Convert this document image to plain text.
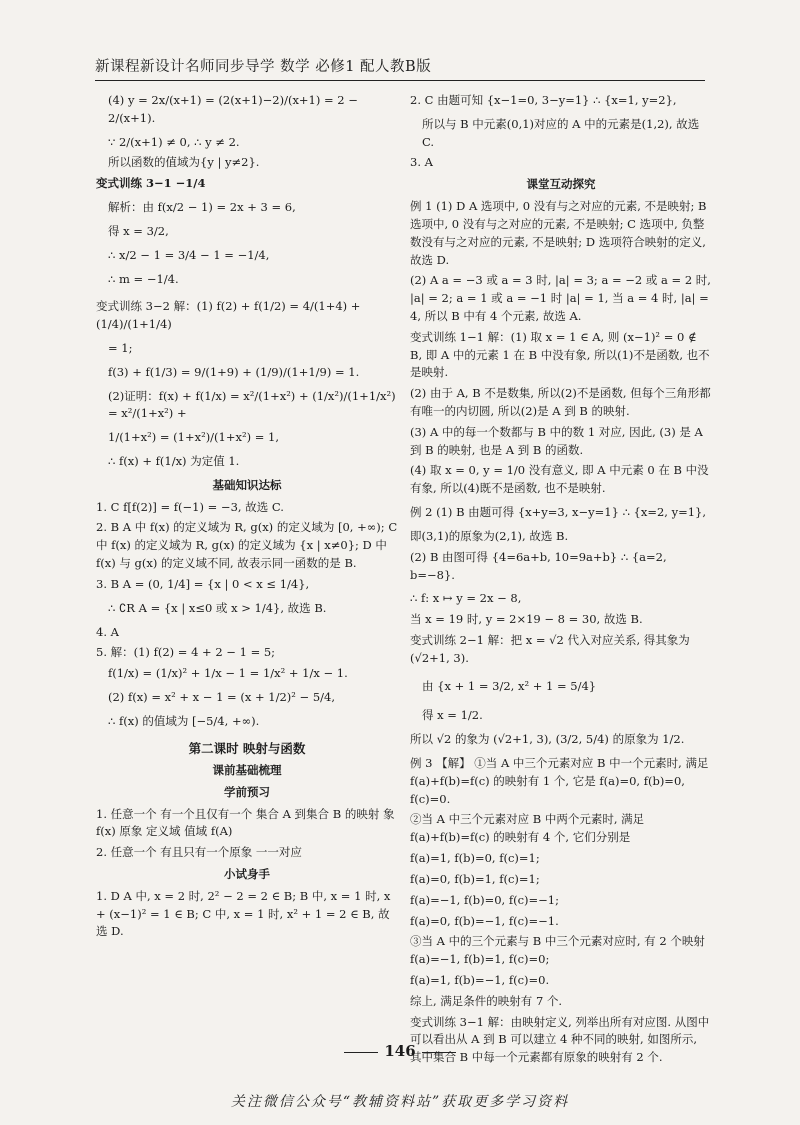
新课程新设计名师同步导学 数学 必修1 配人教B版

(4) y = 2x/(x+1) = (2(x+1)−2)/(x+1) = 2 − 2/(x+1).

∵ 2/(x+1) ≠ 0, ∴ y ≠ 2.

所以函数的值域为{y | y≠2}.

变式训练 3−1 −1/4

解析：由 f(x/2 − 1) = 2x + 3 = 6,

得 x = 3/2,

∴ x/2 − 1 = 3/4 − 1 = −1/4,

∴ m = −1/4.

变式训练 3−2 解：(1) f(2) + f(1/2) = 4/(1+4) + (1/4)/(1+1/4)

= 1;

f(3) + f(1/3) = 9/(1+9) + (1/9)/(1+1/9) = 1.

(2)证明：f(x) + f(1/x) = x²/(1+x²) + (1/x²)/(1+1/x²) = x²/(1+x²) +

1/(1+x²) = (1+x²)/(1+x²) = 1,

∴ f(x) + f(1/x) 为定值 1.

基础知识达标

1. C f[f(2)] = f(−1) = −3, 故选 C.

2. B A 中 f(x) 的定义域为 R, g(x) 的定义域为 [0, +∞); C 中 f(x) 的定义域为 R, g(x) 的定义域为 {x | x≠0}; D 中 f(x) 与 g(x) 的定义域不同, 故表示同一函数的是 B.

3. B A = (0, 1/4] = {x | 0 < x ≤ 1/4},

∴ ∁R A = {x | x≤0 或 x > 1/4}, 故选 B.

4. A

5. 解：(1) f(2) = 4 + 2 − 1 = 5;

f(1/x) = (1/x)² + 1/x − 1 = 1/x² + 1/x − 1.

(2) f(x) = x² + x − 1 = (x + 1/2)² − 5/4,

∴ f(x) 的值域为 [−5/4, +∞).

第二课时 映射与函数

课前基础梳理

学前预习

1. 任意一个 有一个且仅有一个 集合 A 到集合 B 的映射 象 f(x) 原象 定义域 值域 f(A)

2. 任意一个 有且只有一个原象 一一对应

小试身手

1. D A 中, x = 2 时, 2² − 2 = 2 ∈ B; B 中, x = 1 时, x + (x−1)² = 1 ∈ B; C 中, x = 1 时, x² + 1 = 2 ∈ B, 故选 D.

2. C 由题可知 {x−1=0, 3−y=1} ∴ {x=1, y=2},

所以与 B 中元素(0,1)对应的 A 中的元素是(1,2), 故选 C.

3. A

课堂互动探究

例 1 (1) D A 选项中, 0 没有与之对应的元素, 不是映射; B 选项中, 0 没有与之对应的元素, 不是映射; C 选项中, 负整数没有与之对应的元素, 不是映射; D 选项符合映射的定义, 故选 D.

(2) A a = −3 或 a = 3 时, |a| = 3; a = −2 或 a = 2 时, |a| = 2; a = 1 或 a = −1 时 |a| = 1, 当 a = 4 时, |a| = 4, 所以 B 中有 4 个元素, 故选 A.

变式训练 1−1 解：(1) 取 x = 1 ∈ A, 则 (x−1)² = 0 ∉ B, 即 A 中的元素 1 在 B 中没有象, 所以(1)不是函数, 也不是映射.

(2) 由于 A, B 不是数集, 所以(2)不是函数, 但每个三角形都有唯一的内切圆, 所以(2)是 A 到 B 的映射.

(3) A 中的每一个数都与 B 中的数 1 对应, 因此, (3) 是 A 到 B 的映射, 也是 A 到 B 的函数.

(4) 取 x = 0, y = 1/0 没有意义, 即 A 中元素 0 在 B 中没有象, 所以(4)既不是函数, 也不是映射.

例 2 (1) B 由题可得 {x+y=3, x−y=1} ∴ {x=2, y=1},

即(3,1)的原象为(2,1), 故选 B.

(2) B 由图可得 {4=6a+b, 10=9a+b} ∴ {a=2, b=−8}.

∴ f: x ↦ y = 2x − 8,

当 x = 19 时, y = 2×19 − 8 = 30, 故选 B.

变式训练 2−1 解：把 x = √2 代入对应关系, 得其象为 (√2+1, 3).

由 {x + 1 = 3/2, x² + 1 = 5/4}

得 x = 1/2.

所以 √2 的象为 (√2+1, 3), (3/2, 5/4) 的原象为 1/2.

例 3 【解】 ①当 A 中三个元素对应 B 中一个元素时, 满足 f(a)+f(b)=f(c) 的映射有 1 个, 它是 f(a)=0, f(b)=0, f(c)=0.

②当 A 中三个元素对应 B 中两个元素时, 满足 f(a)+f(b)=f(c) 的映射有 4 个, 它们分别是

f(a)=1, f(b)=0, f(c)=1;

f(a)=0, f(b)=1, f(c)=1;

f(a)=−1, f(b)=0, f(c)=−1;

f(a)=0, f(b)=−1, f(c)=−1.

③当 A 中的三个元素与 B 中三个元素对应时, 有 2 个映射 f(a)=−1, f(b)=1, f(c)=0;

f(a)=1, f(b)=−1, f(c)=0.

综上, 满足条件的映射有 7 个.

变式训练 3−1 解：由映射定义, 列举出所有对应图. 从图中可以看出从 A 到 B 可以建立 4 种不同的映射, 如图所示, 其中集合 B 中每一个元素都有原象的映射有 2 个.

146
关注微信公众号“教辅资料站”获取更多学习资料
